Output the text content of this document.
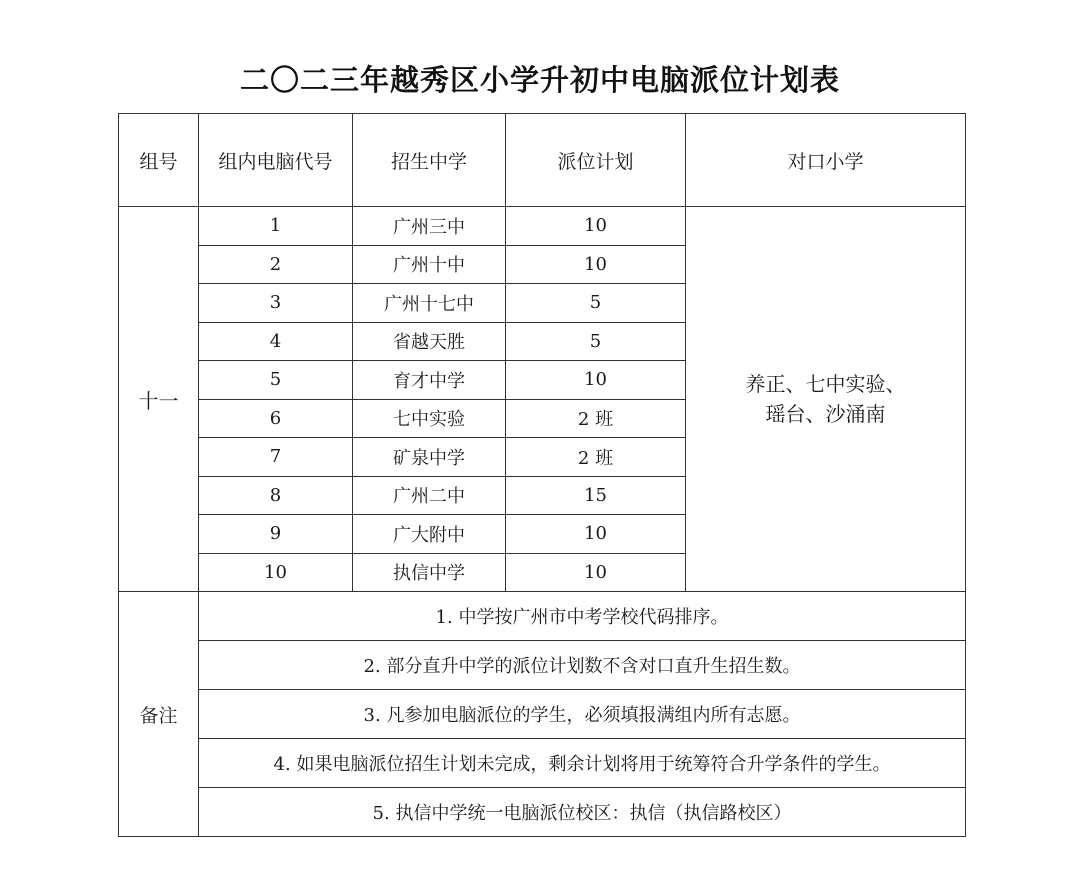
二〇二三年越秀区小学升初中电脑派位计划表
组号	组内电脑代号	招生中学	派位计划	对口小学
十一	1	广州三中	10	养正、七中实验、
瑶台、沙涌南

	2	广州十中	10	
	3	广州十七中	5	
	4	省越天胜	5	
	5	育才中学	10	
	6	七中实验	2 班	
	7	矿泉中学	2 班	
	8	广州二中	15	
	9	广大附中	10	
	10	执信中学	10	
备注	1. 中学按广州市中考学校代码排序。			
	2. 部分直升中学的派位计划数不含对口直升生招生数。			
	3. 凡参加电脑派位的学生，必须填报满组内所有志愿。			
	4. 如果电脑派位招生计划未完成，剩余计划将用于统筹符合升学条件的学生。			
	5. 执信中学统一电脑派位校区：执信（执信路校区）			
